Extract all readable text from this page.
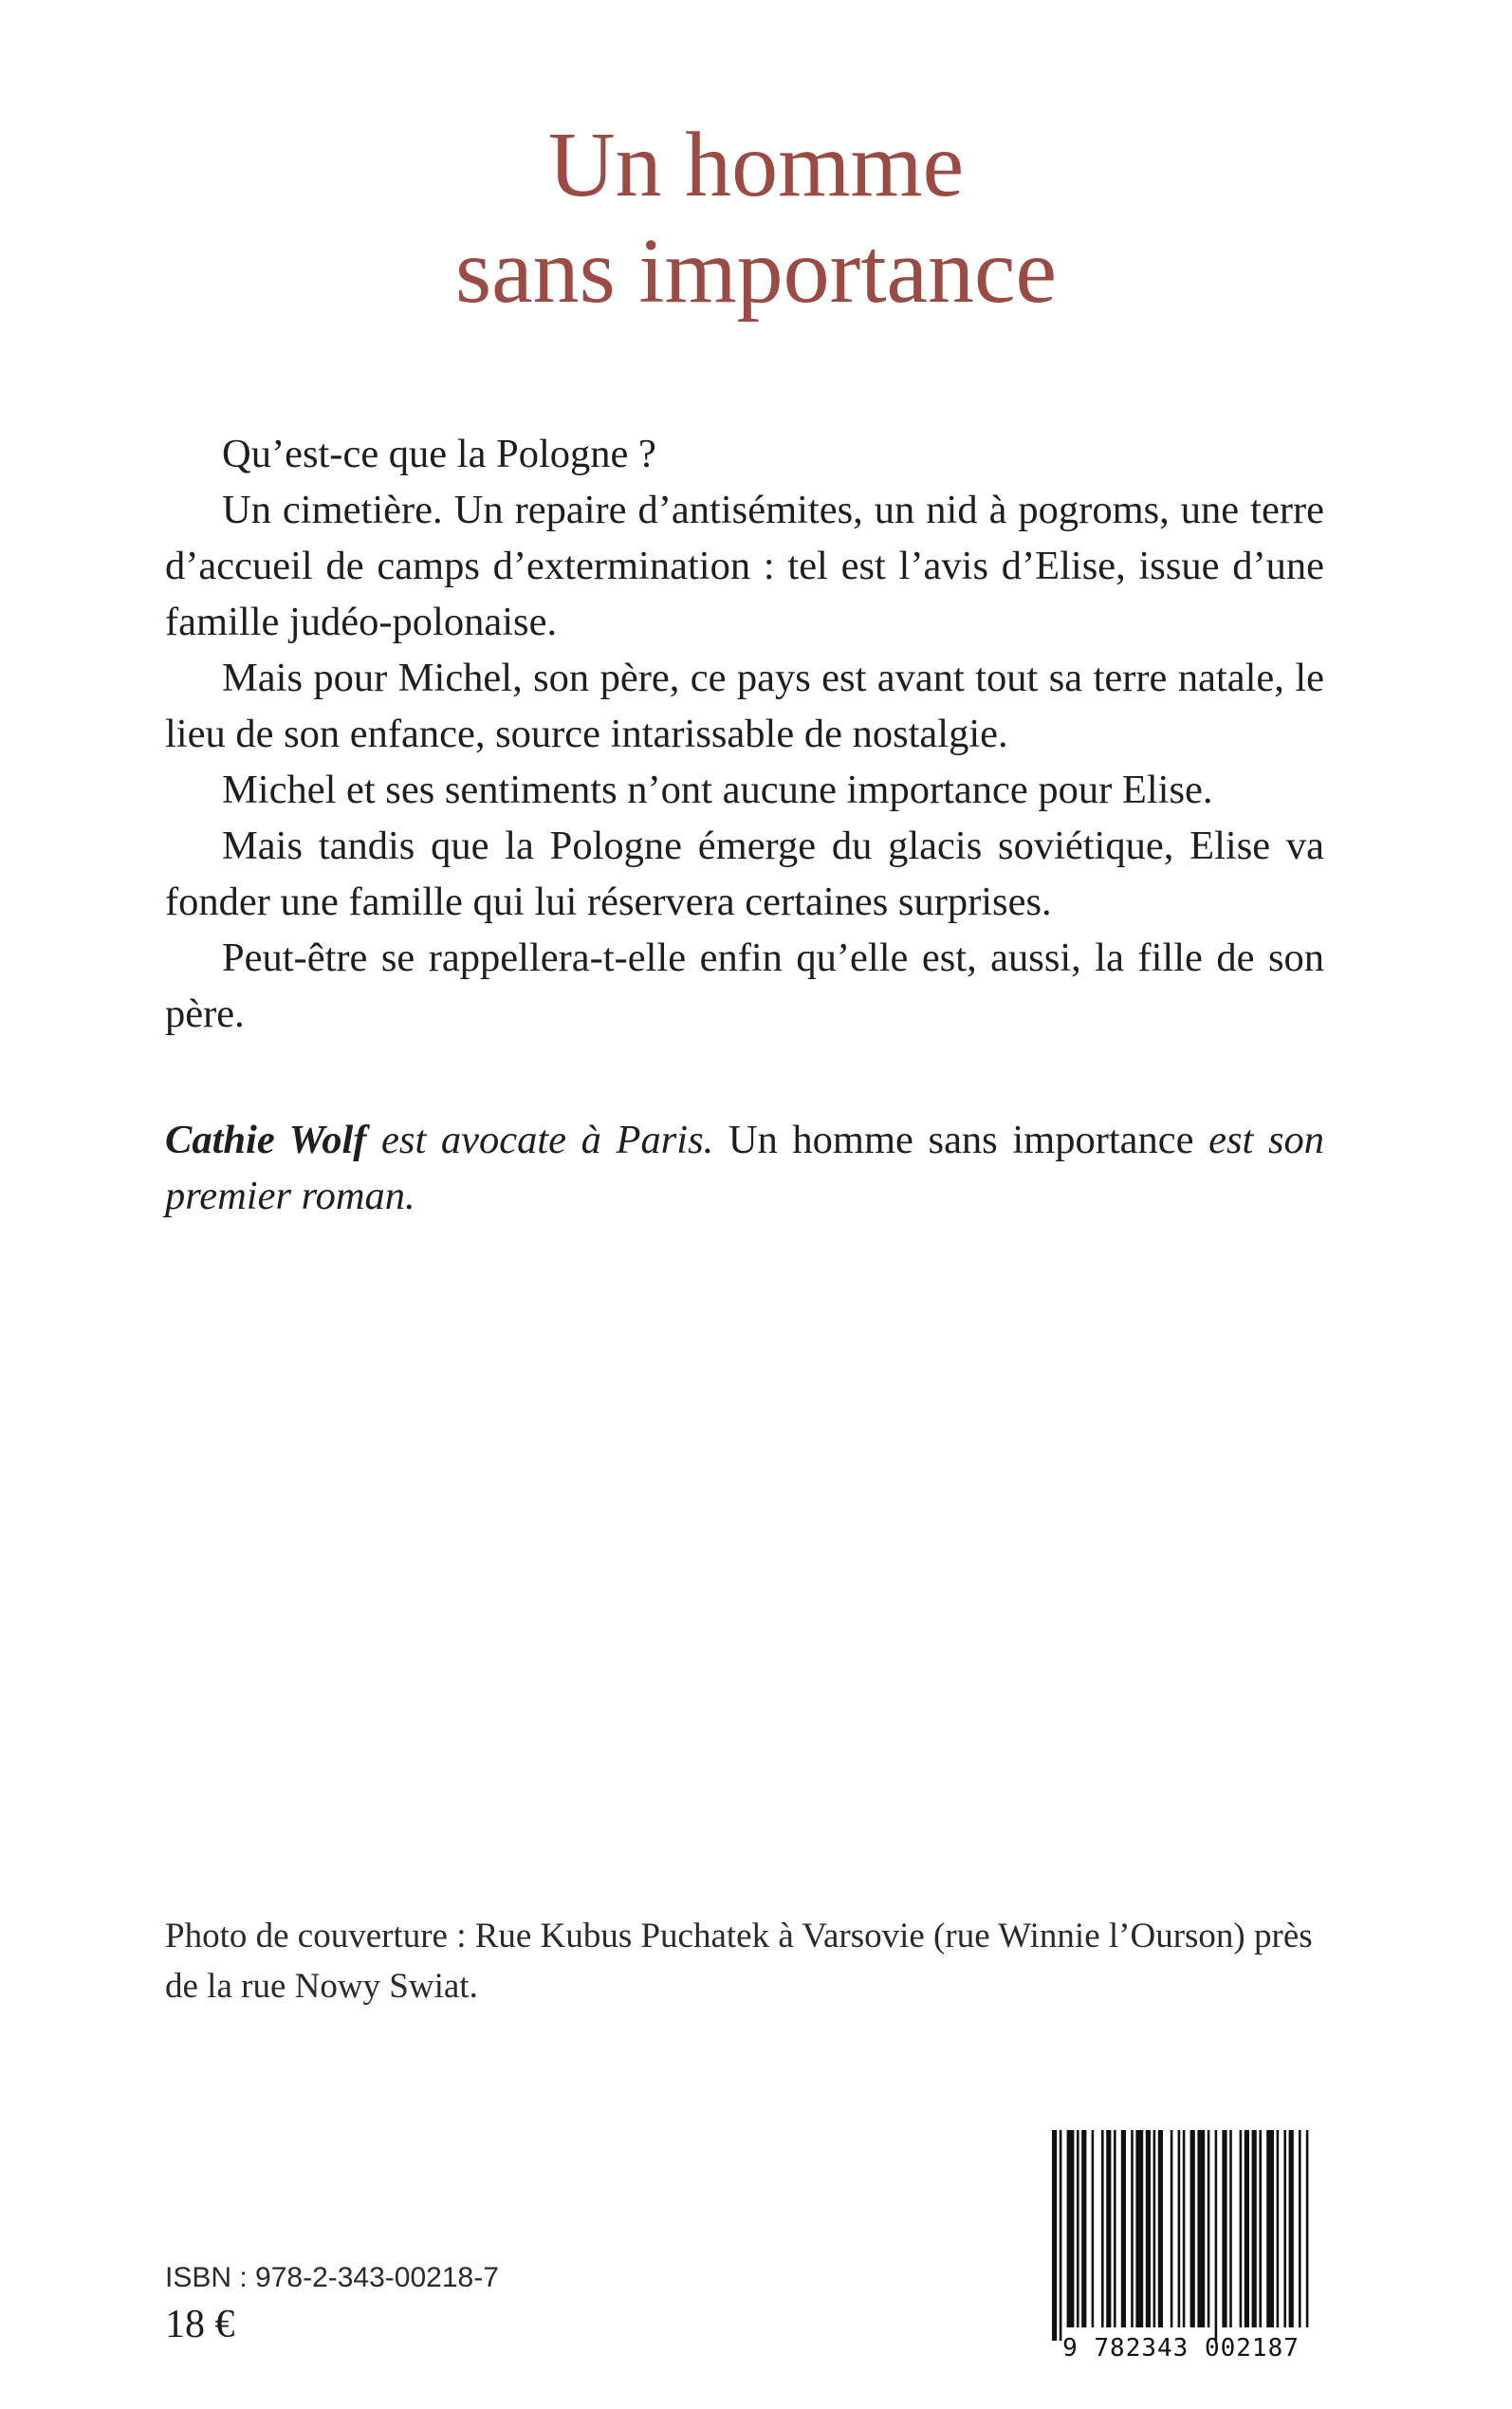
Un homme
sans importance

Qu’est-ce que la Pologne ?

Un cimetière. Un repaire d’antisémites, un nid à pogroms, une terre d’accueil de camps d’extermination : tel est l’avis d’Elise, issue d’une famille judéo-polonaise.

Mais pour Michel, son père, ce pays est avant tout sa terre natale, le lieu de son enfance, source intarissable de nostalgie.

Michel et ses sentiments n’ont aucune importance pour Elise.

Mais tandis que la Pologne émerge du glacis soviétique, Elise va fonder une famille qui lui réservera certaines surprises.

Peut-être se rappellera-t-elle enfin qu’elle est, aussi, la fille de son père.

Cathie Wolf est avocate à Paris. Un homme sans importance est son premier roman.

Photo de couverture : Rue Kubus Puchatek à Varsovie (rue Winnie l’Ourson) près de la rue Nowy Swiat.

ISBN : 978-2-343-00218-7
18 €
9 782343 002187
